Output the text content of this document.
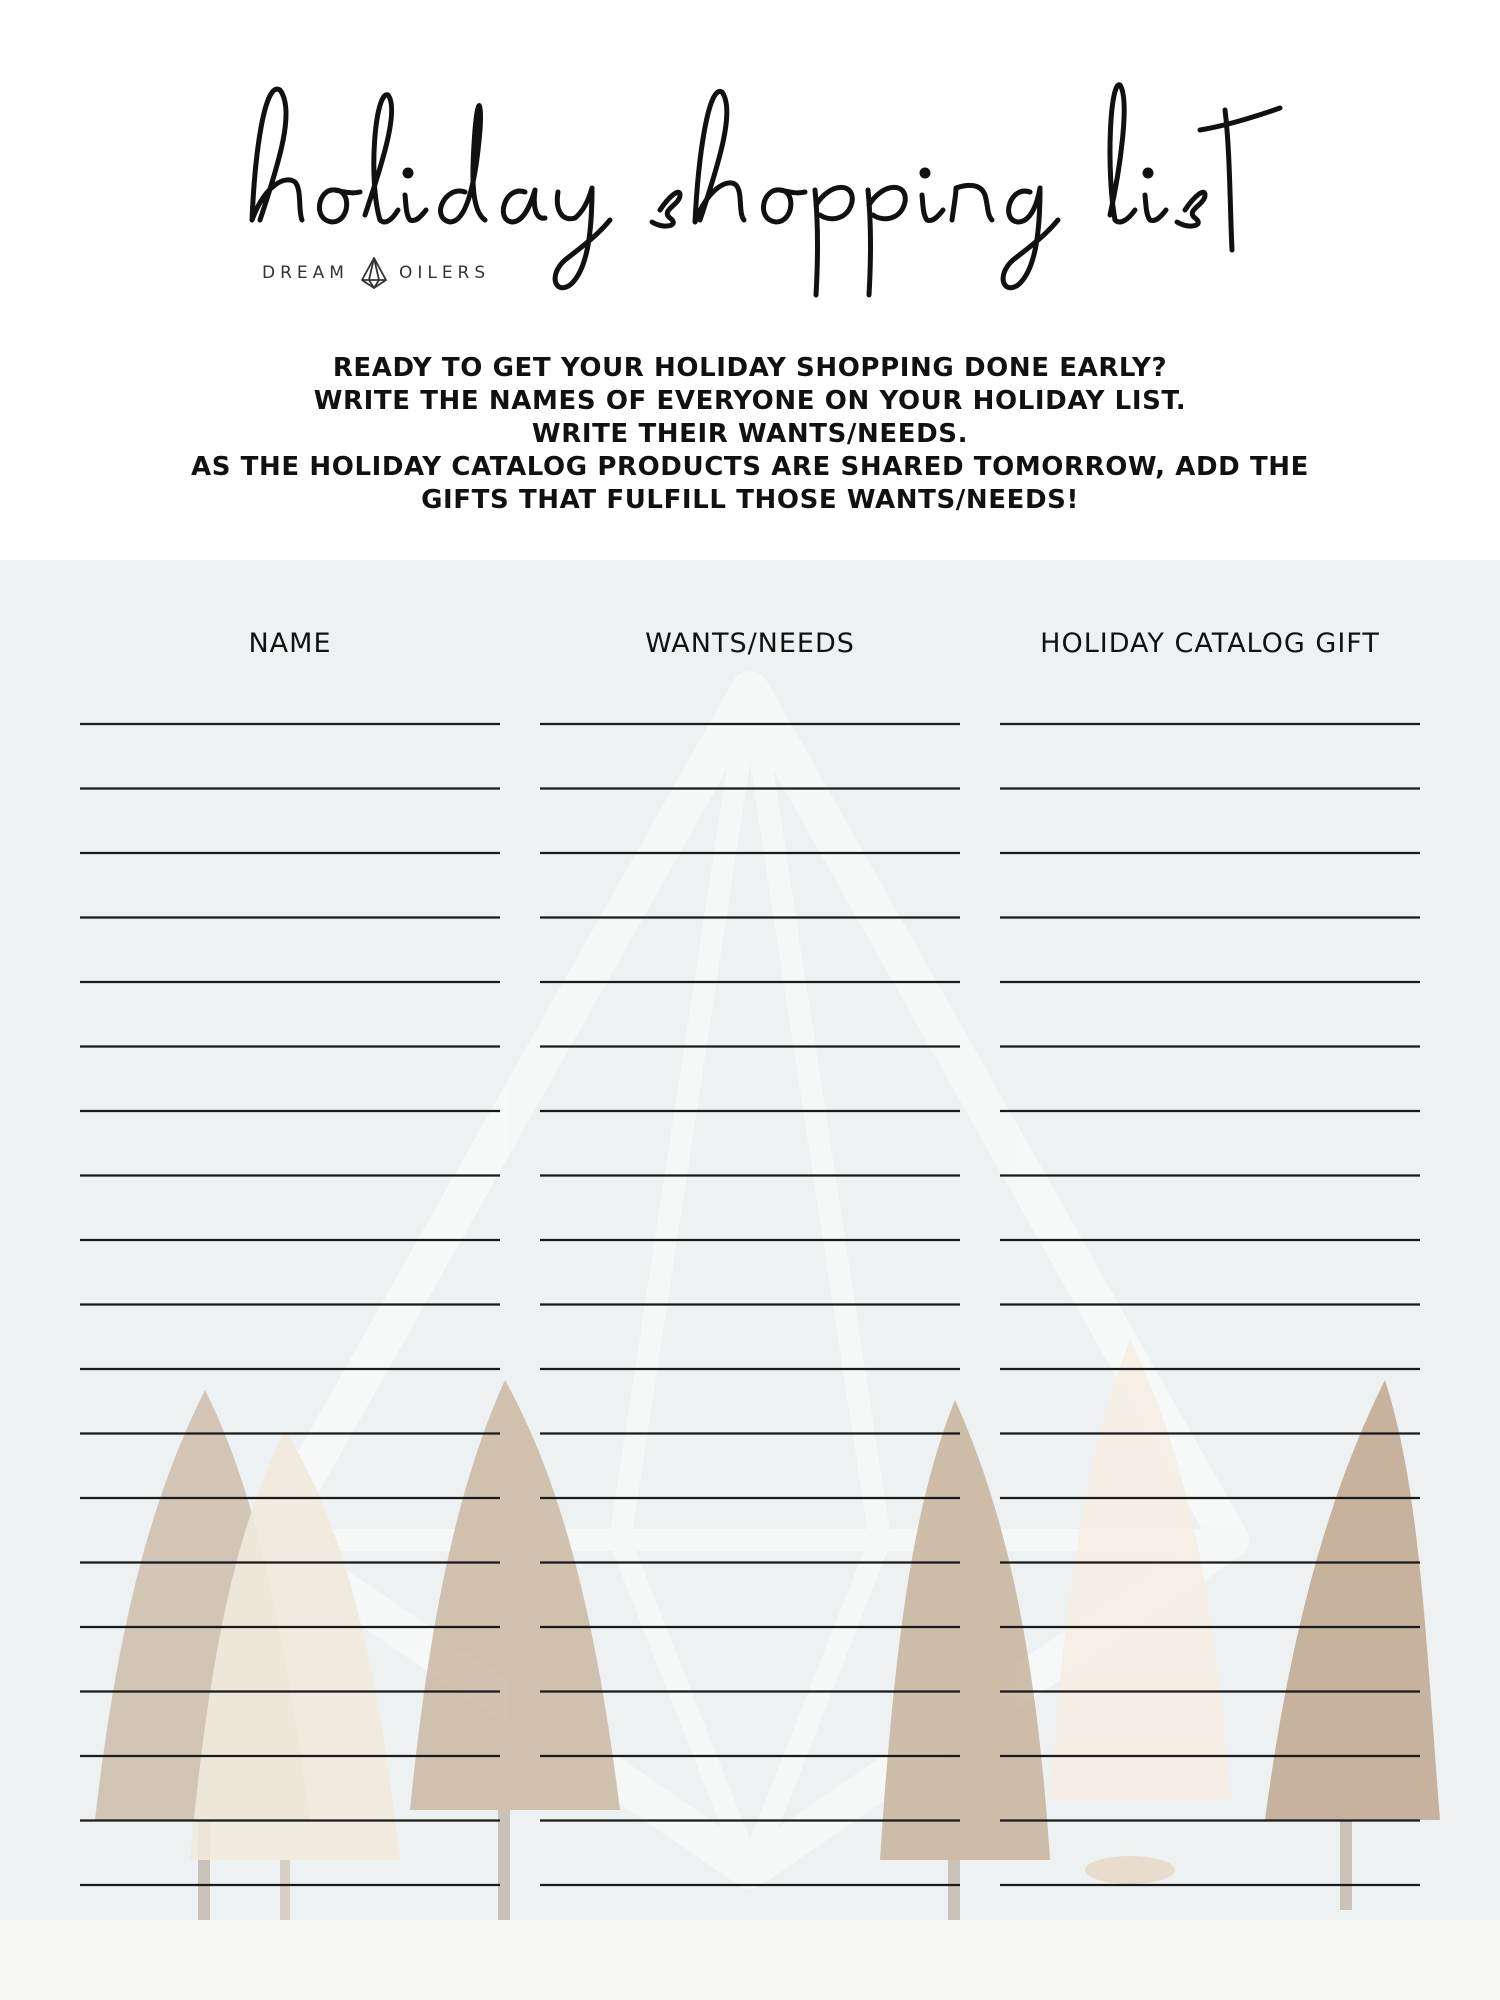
DREAM	OILERS
READY TO GET YOUR HOLIDAY SHOPPING DONE EARLY?
WRITE THE NAMES OF EVERYONE ON YOUR HOLIDAY LIST.
WRITE THEIR WANTS/NEEDS.
AS THE HOLIDAY CATALOG PRODUCTS ARE SHARED TOMORROW, ADD THE
GIFTS THAT FULFILL THOSE WANTS/NEEDS!
NAME	WANTS/NEEDS	HOLIDAY CATALOG GIFT
